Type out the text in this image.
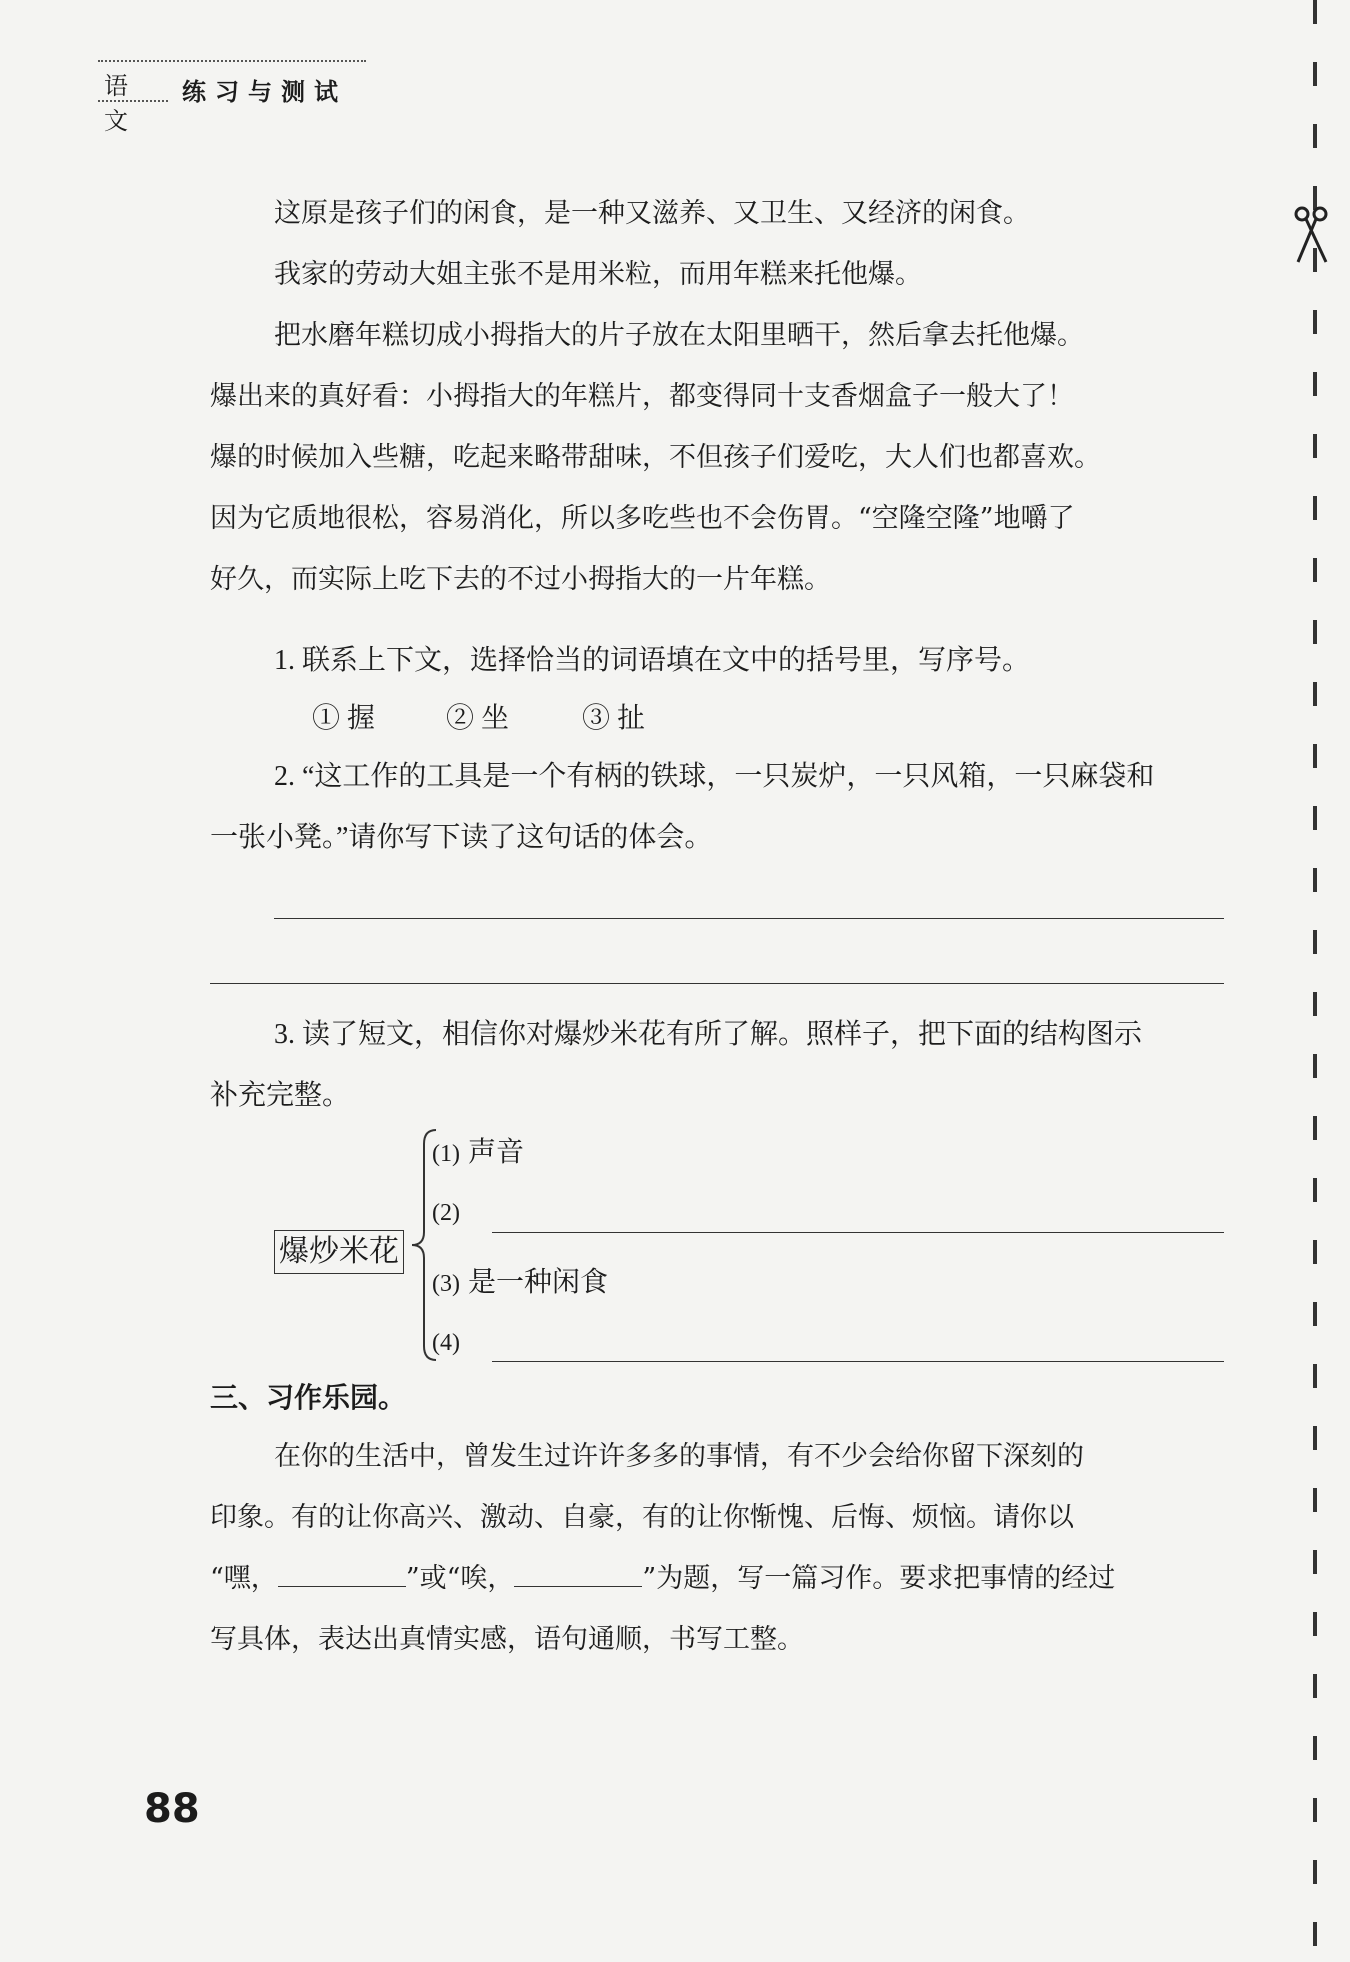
语文
练习与测试
这原是孩子们的闲食，是一种又滋养、又卫生、又经济的闲食。
我家的劳动大姐主张不是用米粒，而用年糕来托他爆。
把水磨年糕切成小拇指大的片子放在太阳里晒干，然后拿去托他爆。
爆出来的真好看：小拇指大的年糕片，都变得同十支香烟盒子一般大了！
爆的时候加入些糖，吃起来略带甜味，不但孩子们爱吃，大人们也都喜欢。
因为它质地很松，容易消化，所以多吃些也不会伤胃。“空隆空隆”地嚼了
好久，而实际上吃下去的不过小拇指大的一片年糕。
1. 联系上下文，选择恰当的词语填在文中的括号里，写序号。
① 握	② 坐	③ 扯
2. “这工作的工具是一个有柄的铁球，一只炭炉，一只风箱，一只麻袋和
一张小凳。”请你写下读了这句话的体会。
3. 读了短文，相信你对爆炒米花有所了解。照样子，把下面的结构图示
补充完整。
爆炒米花
(1) 声音
(2)
(3) 是一种闲食
(4)
三、习作乐园。
在你的生活中，曾发生过许许多多的事情，有不少会给你留下深刻的
印象。有的让你高兴、激动、自豪，有的让你惭愧、后悔、烦恼。请你以
“嘿，	”或“唉，	”为题，写一篇习作。要求把事情的经过
写具体，表达出真情实感，语句通顺，书写工整。
88
